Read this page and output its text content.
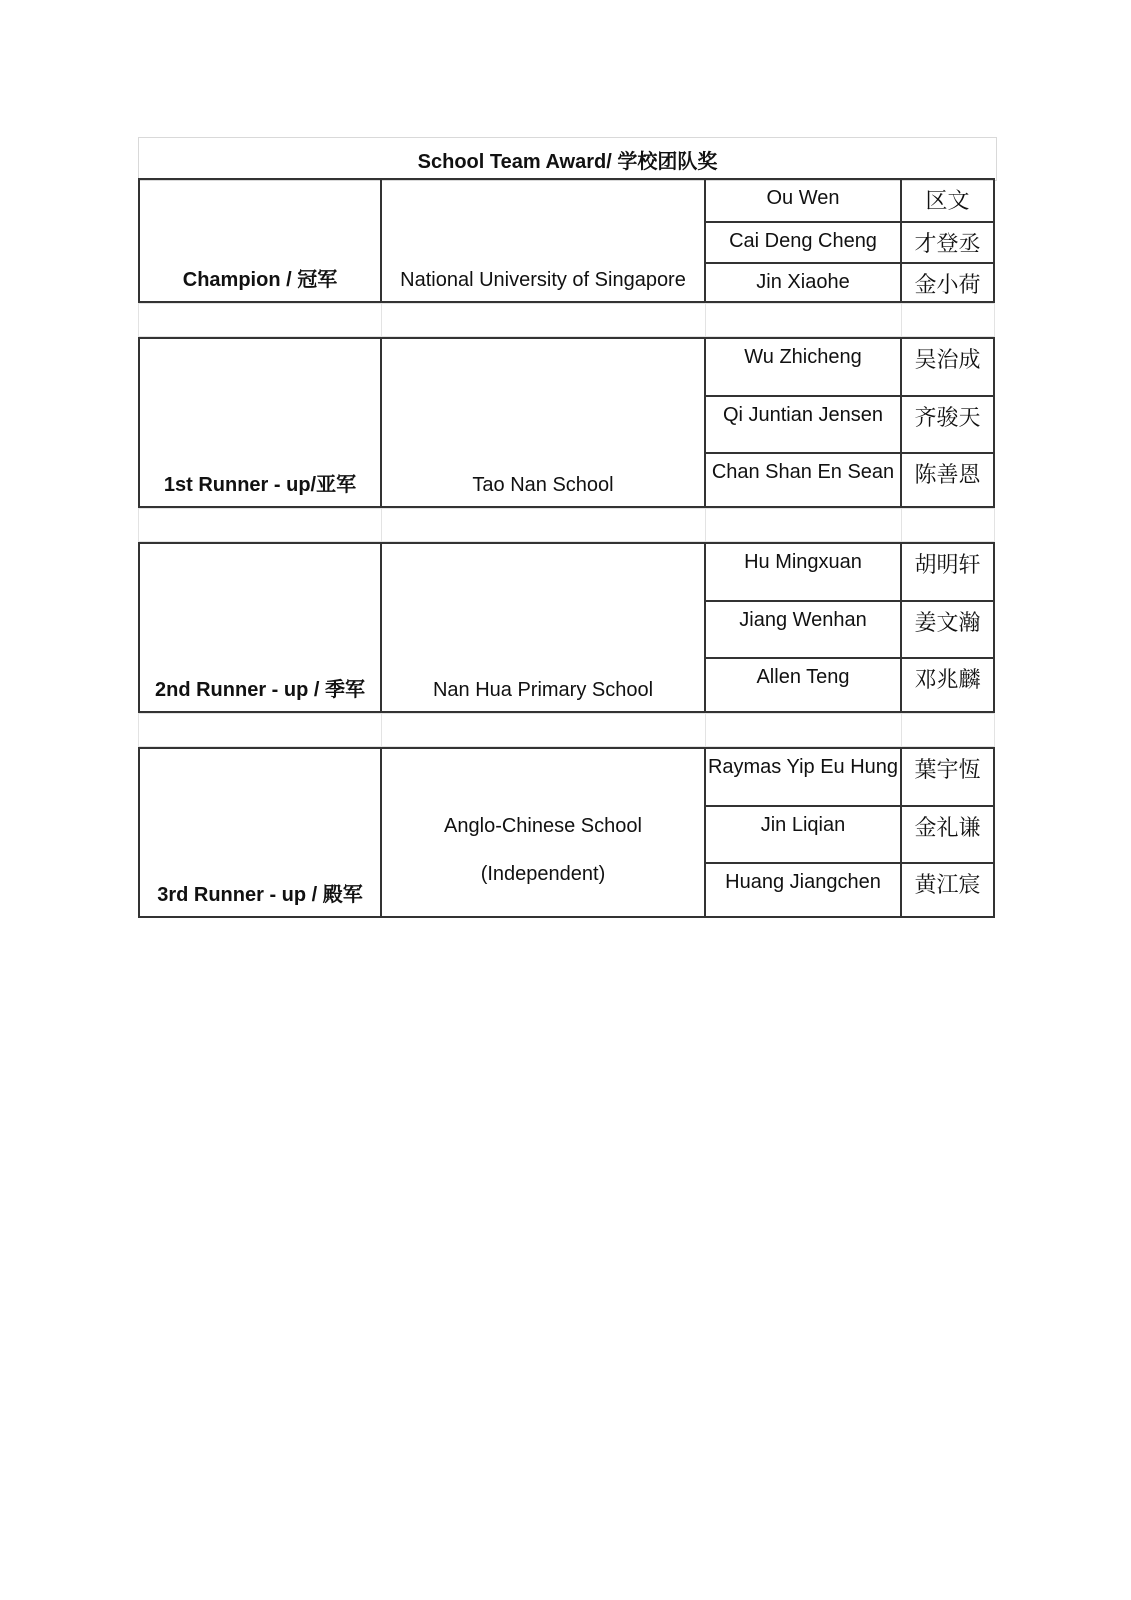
School Team Award/ 学校团队奖
Champion / 冠军	National University of Singapore
Ou Wen	区文
Cai Deng Cheng	才登丞
Jin Xiaohe	金小荷
1st Runner - up/亚军	Tao Nan School
Wu Zhicheng	吴治成
Qi Juntian Jensen	齐骏天
Chan Shan En Sean 陈善恩
2nd Runner - up / 季军	Nan Hua Primary School
Hu Mingxuan	胡明轩
Jiang Wenhan	姜文瀚
Allen Teng	邓兆麟
3rd Runner - up / 殿军
Anglo-Chinese School
(Independent)
Raymas Yip Eu Hung 葉宇恆
Jin Liqian	金礼谦
Huang Jiangchen	黄江宸
